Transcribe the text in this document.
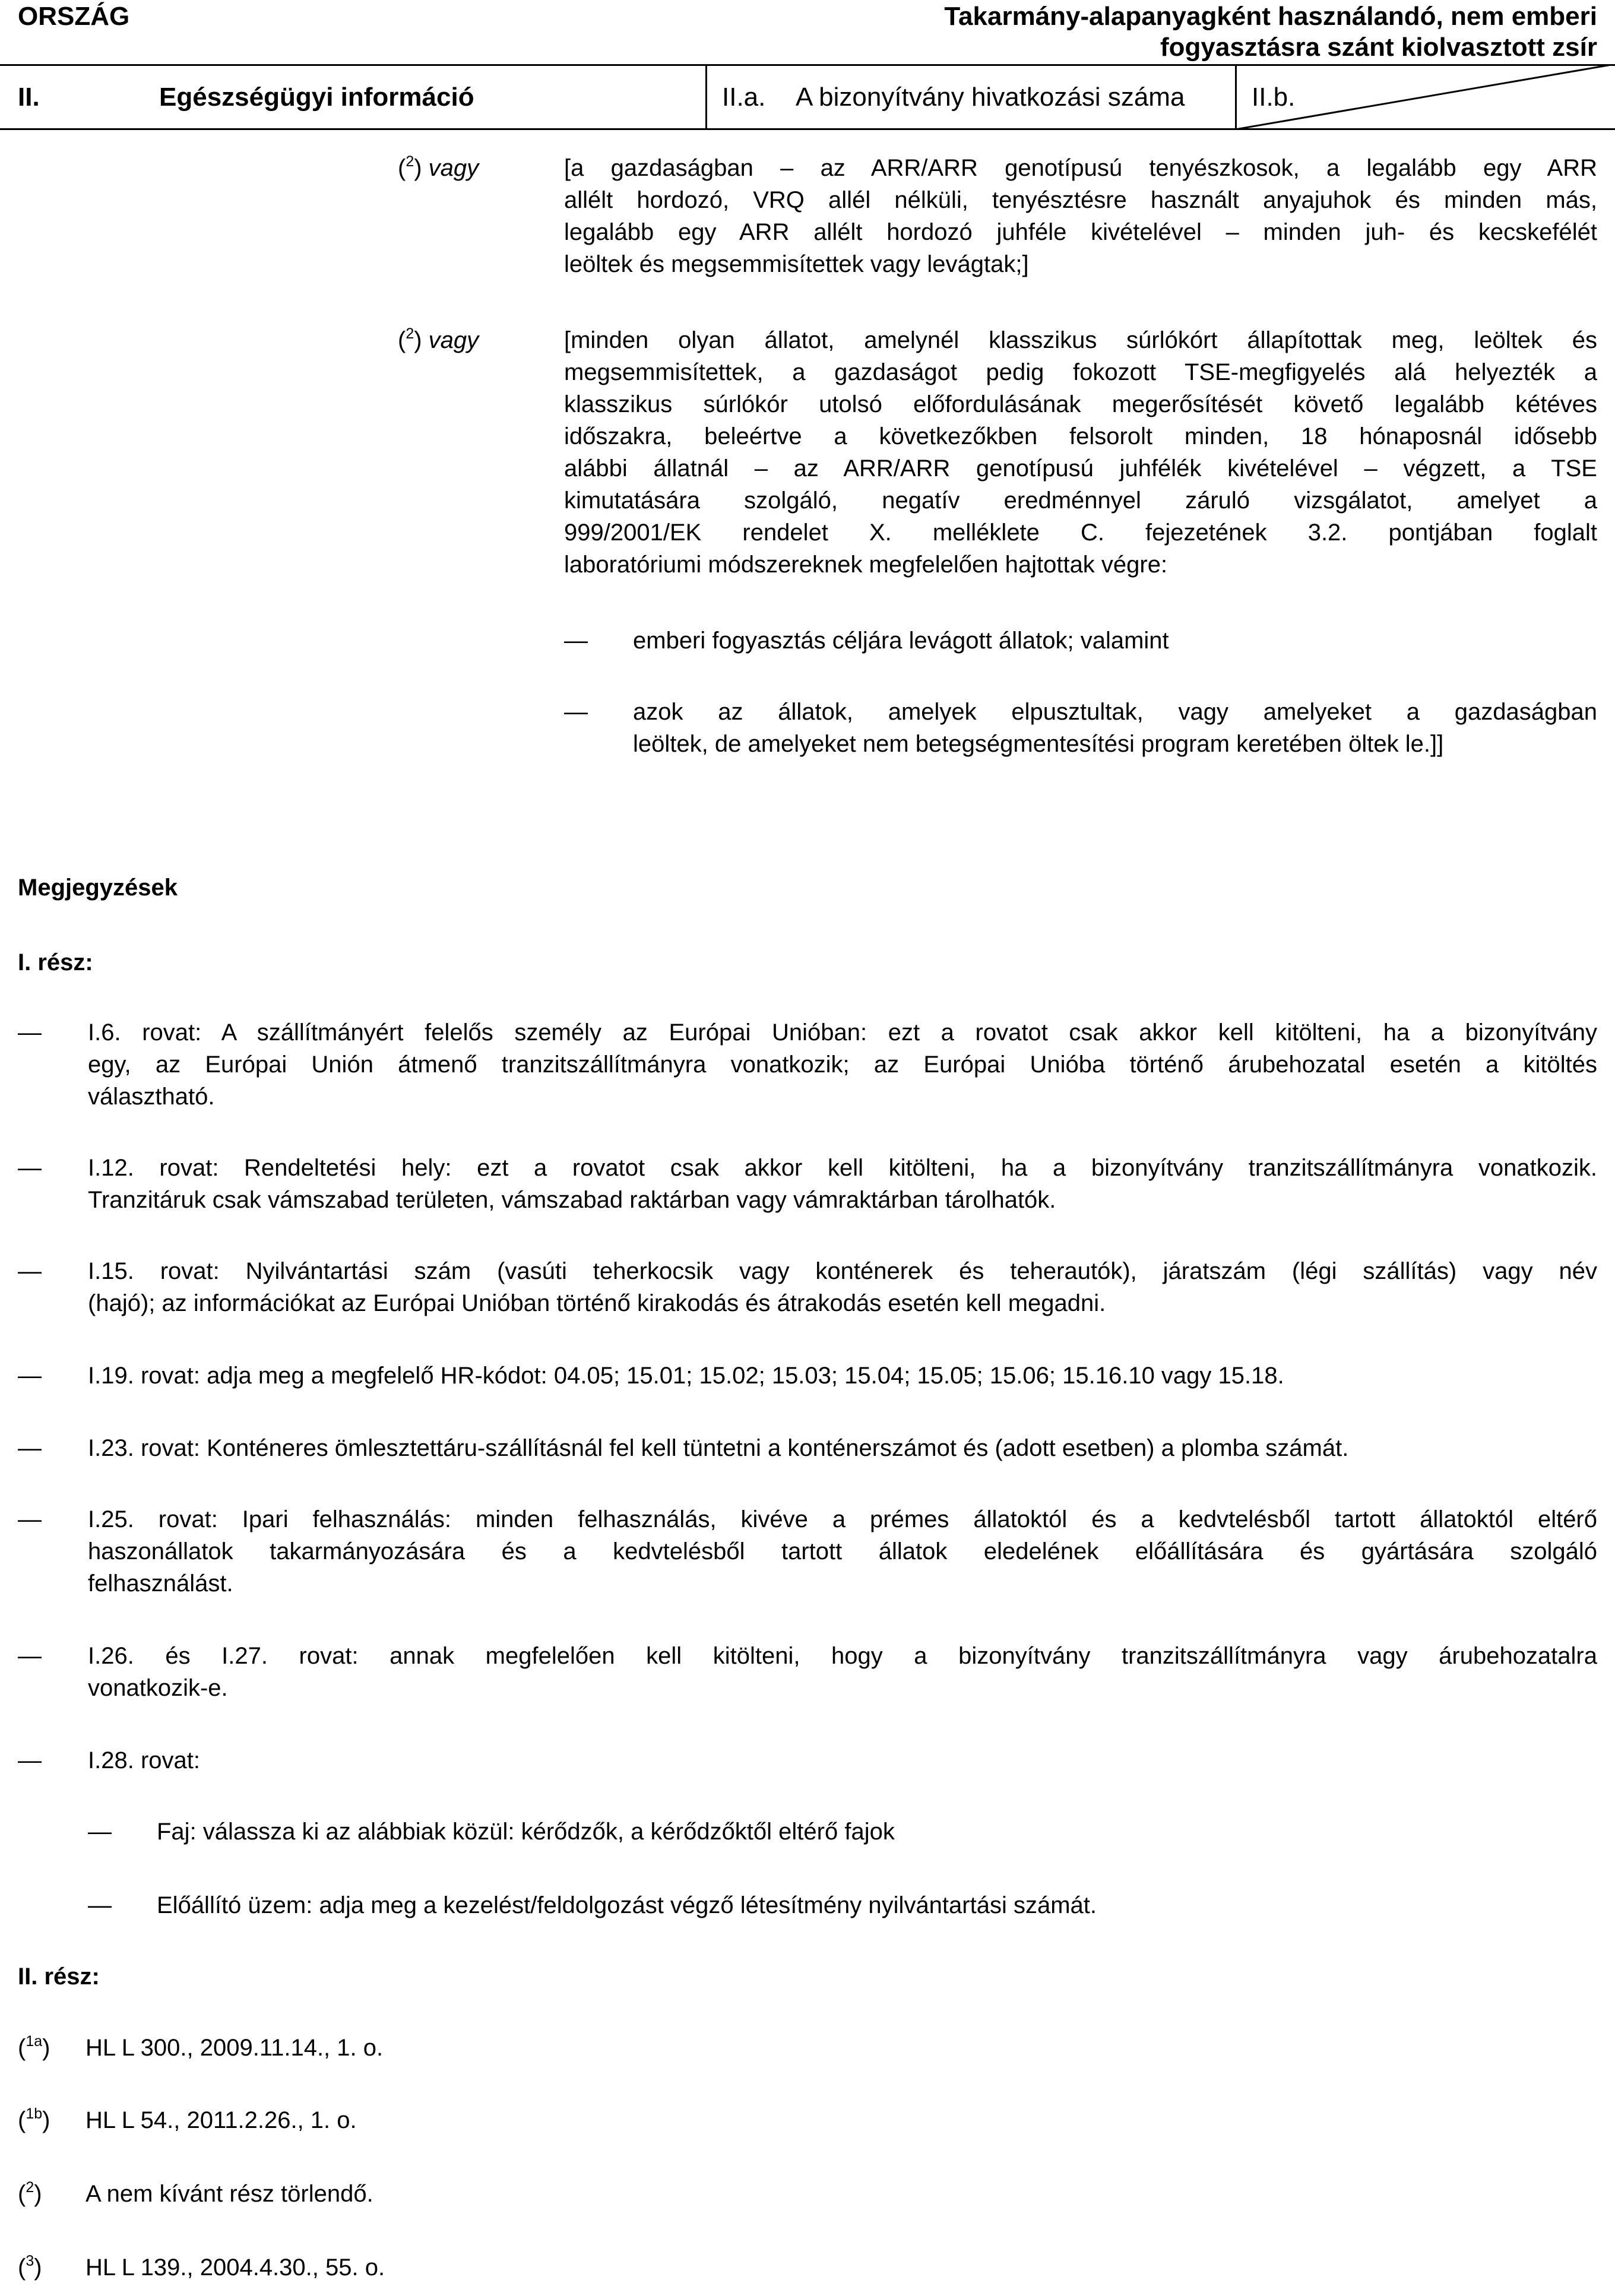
ORSZÁG	Takarmány-alapanyagként használandó, nem emberi
fogyasztásra szánt kiolvasztott zsír
II.	Egészségügyi információ	II.a. A bizonyítvány hivatkozási száma	II.b.
($^2$) vagy	[a gazdaságban – az ARR/ARR genotípusú tenyészkosok, a legalább egy ARR
allélt hordozó, VRQ allél nélküli, tenyésztésre használt anyajuhok és minden más,
legalább egy ARR allélt hordozó juhféle kivételével – minden juh- és kecskefélét
leöltek és megsemmisítettek vagy levágtak;]
($^2$) vagy	[minden olyan állatot, amelynél klasszikus súrlókórt állapítottak meg, leöltek és
megsemmisítettek, a gazdaságot pedig fokozott TSE-megfigyelés alá helyezték a
klasszikus súrlókór utolsó előfordulásának megerősítését követő legalább kétéves
időszakra, beleértve a következőkben felsorolt minden, 18 hónaposnál idősebb
alábbi állatnál – az ARR/ARR genotípusú juhfélék kivételével – végzett, a TSE
kimutatására szolgáló, negatív eredménnyel záruló vizsgálatot, amelyet a
999/2001/EK rendelet X. melléklete C. fejezetének 3.2. pontjában foglalt
laboratóriumi módszereknek megfelelően hajtottak végre:
— emberi fogyasztás céljára levágott állatok; valamint
— azok az állatok, amelyek elpusztultak, vagy amelyeket a gazdaságban
leöltek, de amelyeket nem betegségmentesítési program keretében öltek le.]]
Megjegyzések
I. rész:
— I.6. rovat: A szállítmányért felelős személy az Európai Unióban: ezt a rovatot csak akkor kell kitölteni, ha a bizonyítvány
egy, az Európai Unión átmenő tranzitszállítmányra vonatkozik; az Európai Unióba történő árubehozatal esetén a kitöltés
választható.
— I.12. rovat: Rendeltetési hely: ezt a rovatot csak akkor kell kitölteni, ha a bizonyítvány tranzitszállítmányra vonatkozik.
Tranzitáruk csak vámszabad területen, vámszabad raktárban vagy vámraktárban tárolhatók.
— I.15. rovat: Nyilvántartási szám (vasúti teherkocsik vagy konténerek és teherautók), járatszám (légi szállítás) vagy név
(hajó); az információkat az Európai Unióban történő kirakodás és átrakodás esetén kell megadni.
— I.19. rovat: adja meg a megfelelő HR-kódot: 04.05; 15.01; 15.02; 15.03; 15.04; 15.05; 15.06; 15.16.10 vagy 15.18.
— I.23. rovat: Konténeres ömlesztettáru-szállításnál fel kell tüntetni a konténerszámot és (adott esetben) a plomba számát.
— I.25. rovat: Ipari felhasználás: minden felhasználás, kivéve a prémes állatoktól és a kedvtelésből tartott állatoktól eltérő
haszonállatok takarmányozására és a kedvtelésből tartott állatok eledelének előállítására és gyártására szolgáló
felhasználást.
— I.26. és I.27. rovat: annak megfelelően kell kitölteni, hogy a bizonyítvány tranzitszállítmányra vagy árubehozatalra
vonatkozik-e.
— I.28. rovat:
— Faj: válassza ki az alábbiak közül: kérődzők, a kérődzőktől eltérő fajok
— Előállító üzem: adja meg a kezelést/feldolgozást végző létesítmény nyilvántartási számát.
II. rész:
($^{1a}$) HL L 300., 2009.11.14., 1. o.
($^{1b}$) HL L 54., 2011.2.26., 1. o.
($^2$) A nem kívánt rész törlendő.
($^3$) HL L 139., 2004.4.30., 55. o.
